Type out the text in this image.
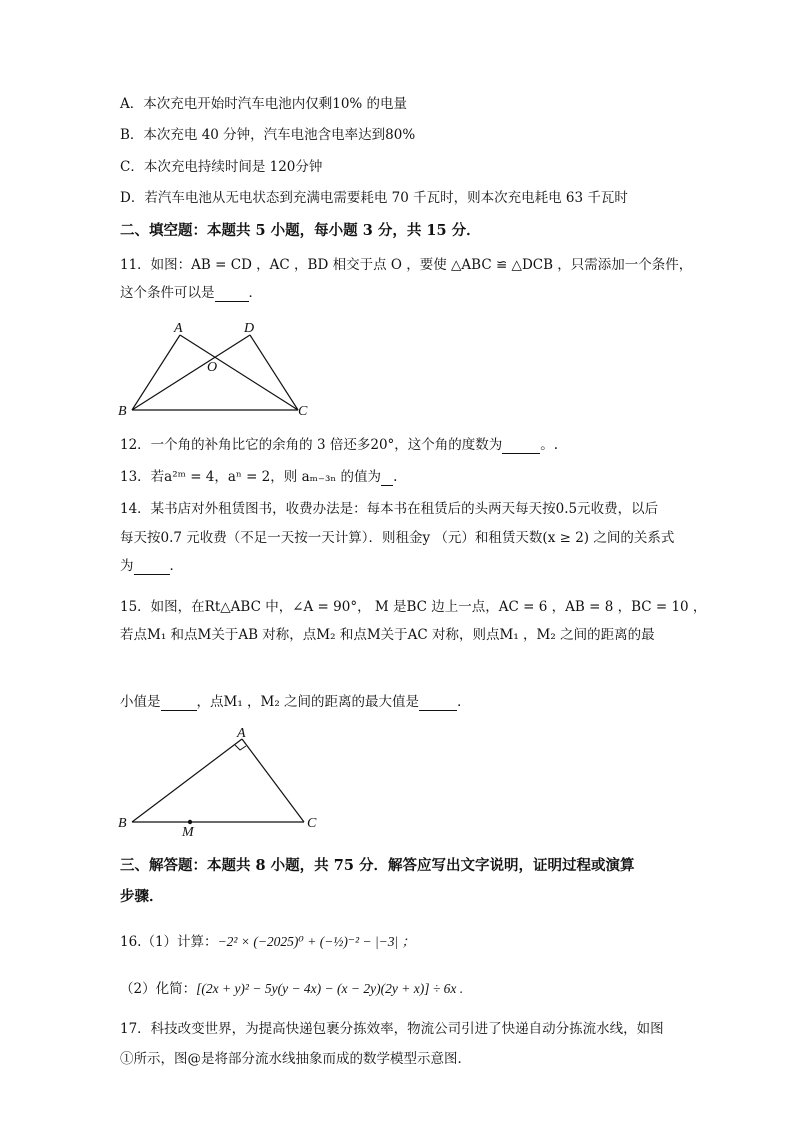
A．本次充电开始时汽车电池内仅剩10% 的电量
B．本次充电 40 分钟，汽车电池含电率达到80%
C．本次充电持续时间是 120分钟
D．若汽车电池从无电状态到充满电需要耗电 70 千瓦时，则本次充电耗电 63 千瓦时
二、填空题：本题共 5 小题，每小题 3 分，共 15 分．
11．如图：AB = CD ，AC ，BD 相交于点 O ，要使 △ABC ≌ △DCB ，只需添加一个条件，
这个条件可以是	．
A	D
O
B	C
12．一个角的补角比它的余角的 3 倍还多20°，这个角的度数为	。.
13．若a²ᵐ = 4，aⁿ = 2，则 aₘ₋₃ₙ 的值为 .
14．某书店对外租赁图书，收费办法是：每本书在租赁后的头两天每天按0.5元收费，以后
每天按0.7 元收费（不足一天按一天计算）．则租金y （元）和租赁天数(x ≥ 2) 之间的关系式
为	．
15．如图，在Rt△ABC 中，∠A = 90°， M 是BC 边上一点，AC = 6 ，AB = 8 ，BC = 10 ，
若点M₁ 和点M关于AB 对称，点M₂ 和点M关于AC 对称，则点M₁ ，M₂ 之间的距离的最
小值是	，点M₁ ，M₂ 之间的距离的最大值是	．
A
B	C
M
三、解答题：本题共 8 小题，共 75 分．解答应写出文字说明，证明过程或演算
步骤．
16.（1）计算：−2² × (−2025)⁰ + (−½)⁻² − |−3| ；
（2）化简：[(2x + y)² − 5y(y − 4x) − (x − 2y)(2y + x)] ÷ 6x .
17．科技改变世界，为提高快递包裹分拣效率，物流公司引进了快递自动分拣流水线，如图
①所示，图@是将部分流水线抽象而成的数学模型示意图．
